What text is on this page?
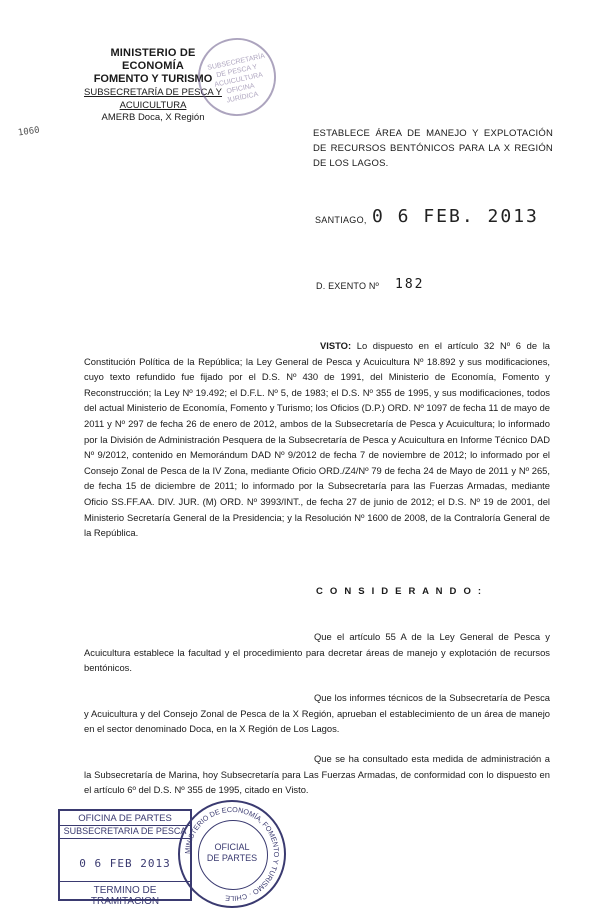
MINISTERIO DE ECONOMÍA
FOMENTO Y TURISMO
SUBSECRETARÍA DE PESCA Y ACUICULTURA
AMERB Doca, X Región
SUBSECRETARÍA DE PESCA Y ACUICULTURA OFICINA JURÍDICA
1060	ESTABLECE ÁREA DE MANEJO Y EXPLOTACIÓN DE RECURSOS BENTÓNICOS PARA LA X REGIÓN DE LOS LAGOS.
SANTIAGO, 0 6 FEB. 2013
D. EXENTO Nº 182
VISTO: Lo dispuesto en el artículo 32 Nº 6 de la Constitución Política de la República; la Ley General de Pesca y Acuicultura Nº 18.892 y sus modificaciones, cuyo texto refundido fue fijado por el D.S. Nº 430 de 1991, del Ministerio de Economía, Fomento y Reconstrucción; la Ley Nº 19.492; el D.F.L. Nº 5, de 1983; el D.S. Nº 355 de 1995, y sus modificaciones, todos del actual Ministerio de Economía, Fomento y Turismo; los Oficios (D.P.) ORD. Nº 1097 de fecha 11 de mayo de 2011 y Nº 297 de fecha 26 de enero de 2012, ambos de la Subsecretaría de Pesca y Acuicultura; lo informado por la División de Administración Pesquera de la Subsecretaría de Pesca y Acuicultura en Informe Técnico DAD Nº 9/2012, contenido en Memorándum DAD Nº 9/2012 de fecha 7 de noviembre de 2012; lo informado por el Consejo Zonal de Pesca de la IV Zona, mediante Oficio ORD./Z4/Nº 79 de fecha 24 de Mayo de 2011 y Nº 265, de fecha 15 de diciembre de 2011; lo informado por la Subsecretaría para las Fuerzas Armadas, mediante Oficio SS.FF.AA. DIV. JUR. (M) ORD. Nº 3993/INT., de fecha 27 de junio de 2012; el D.S. Nº 19 de 2001, del Ministerio Secretaría General de la Presidencia; y la Resolución Nº 1600 de 2008, de la Contraloría General de la República.
C O N S I D E R A N D O :
Que el artículo 55 A de la Ley General de Pesca y Acuicultura establece la facultad y el procedimiento para decretar áreas de manejo y explotación de recursos bentónicos.
Que los informes técnicos de la Subsecretaría de Pesca y Acuicultura y del Consejo Zonal de Pesca de la X Región, aprueban el establecimiento de un área de manejo en el sector denominado Doca, en la X Región de Los Lagos.
Que se ha consultado esta medida de administración a la Subsecretaría de Marina, hoy Subsecretaría para Las Fuerzas Armadas, de conformidad con lo dispuesto en el artículo 6º del D.S. Nº 355 de 1995, citado en Visto.
OFICINA DE PARTES
SUBSECRETARIA DE PESCA
0 6 FEB 2013
TERMINO DE TRAMITACION
MINISTERIO DE ECONOMÍA, FOMENTO Y TURISMO · CHILE
OFICIAL
DE PARTES
